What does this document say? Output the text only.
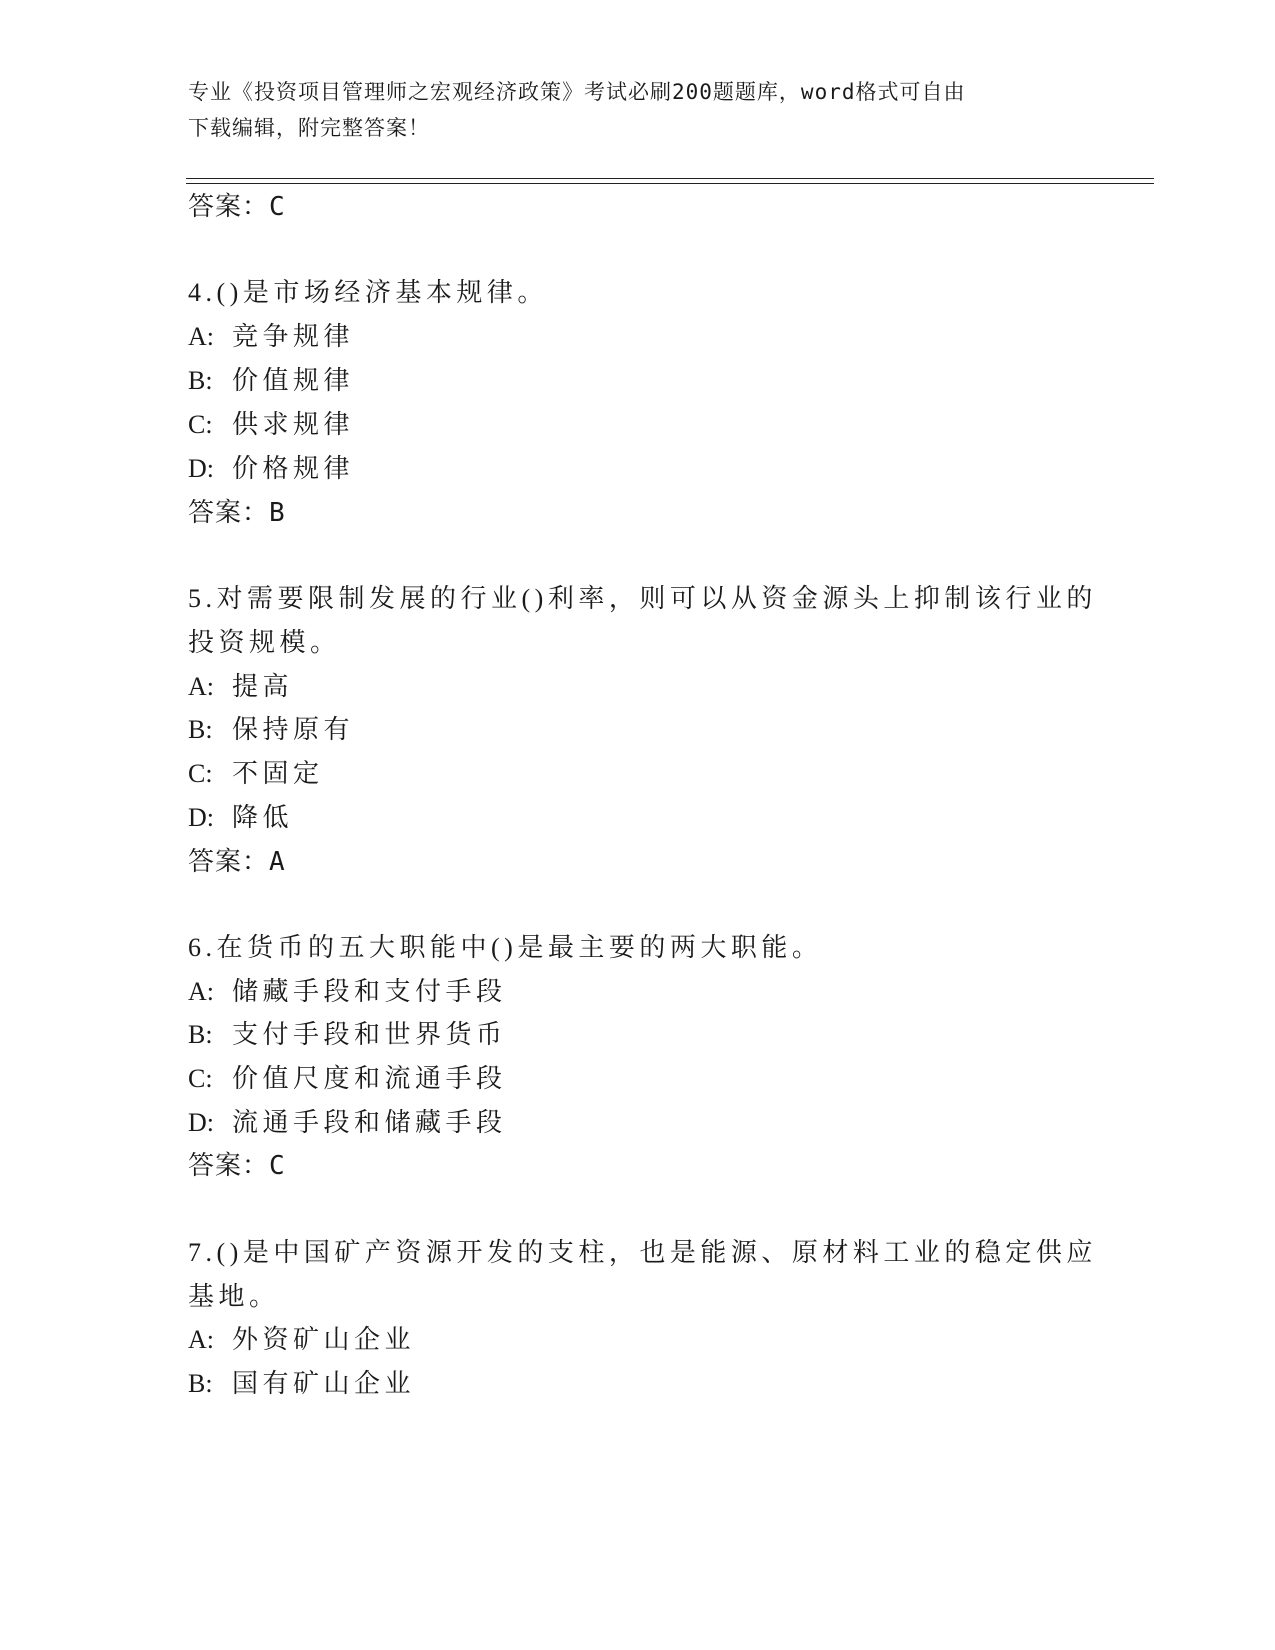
专业《投资项目管理师之宏观经济政策》考试必刷200题题库，word格式可自由
下载编辑，附完整答案！
答案：C
4.()是市场经济基本规律。
A: 竞争规律
B: 价值规律
C: 供求规律
D: 价格规律
答案：B
5.对需要限制发展的行业()利率，则可以从资金源头上抑制该行业的
投资规模。
A: 提高
B: 保持原有
C: 不固定
D: 降低
答案：A
6.在货币的五大职能中()是最主要的两大职能。
A: 储藏手段和支付手段
B: 支付手段和世界货币
C: 价值尺度和流通手段
D: 流通手段和储藏手段
答案：C
7.()是中国矿产资源开发的支柱，也是能源、原材料工业的稳定供应
基地。
A: 外资矿山企业
B: 国有矿山企业
